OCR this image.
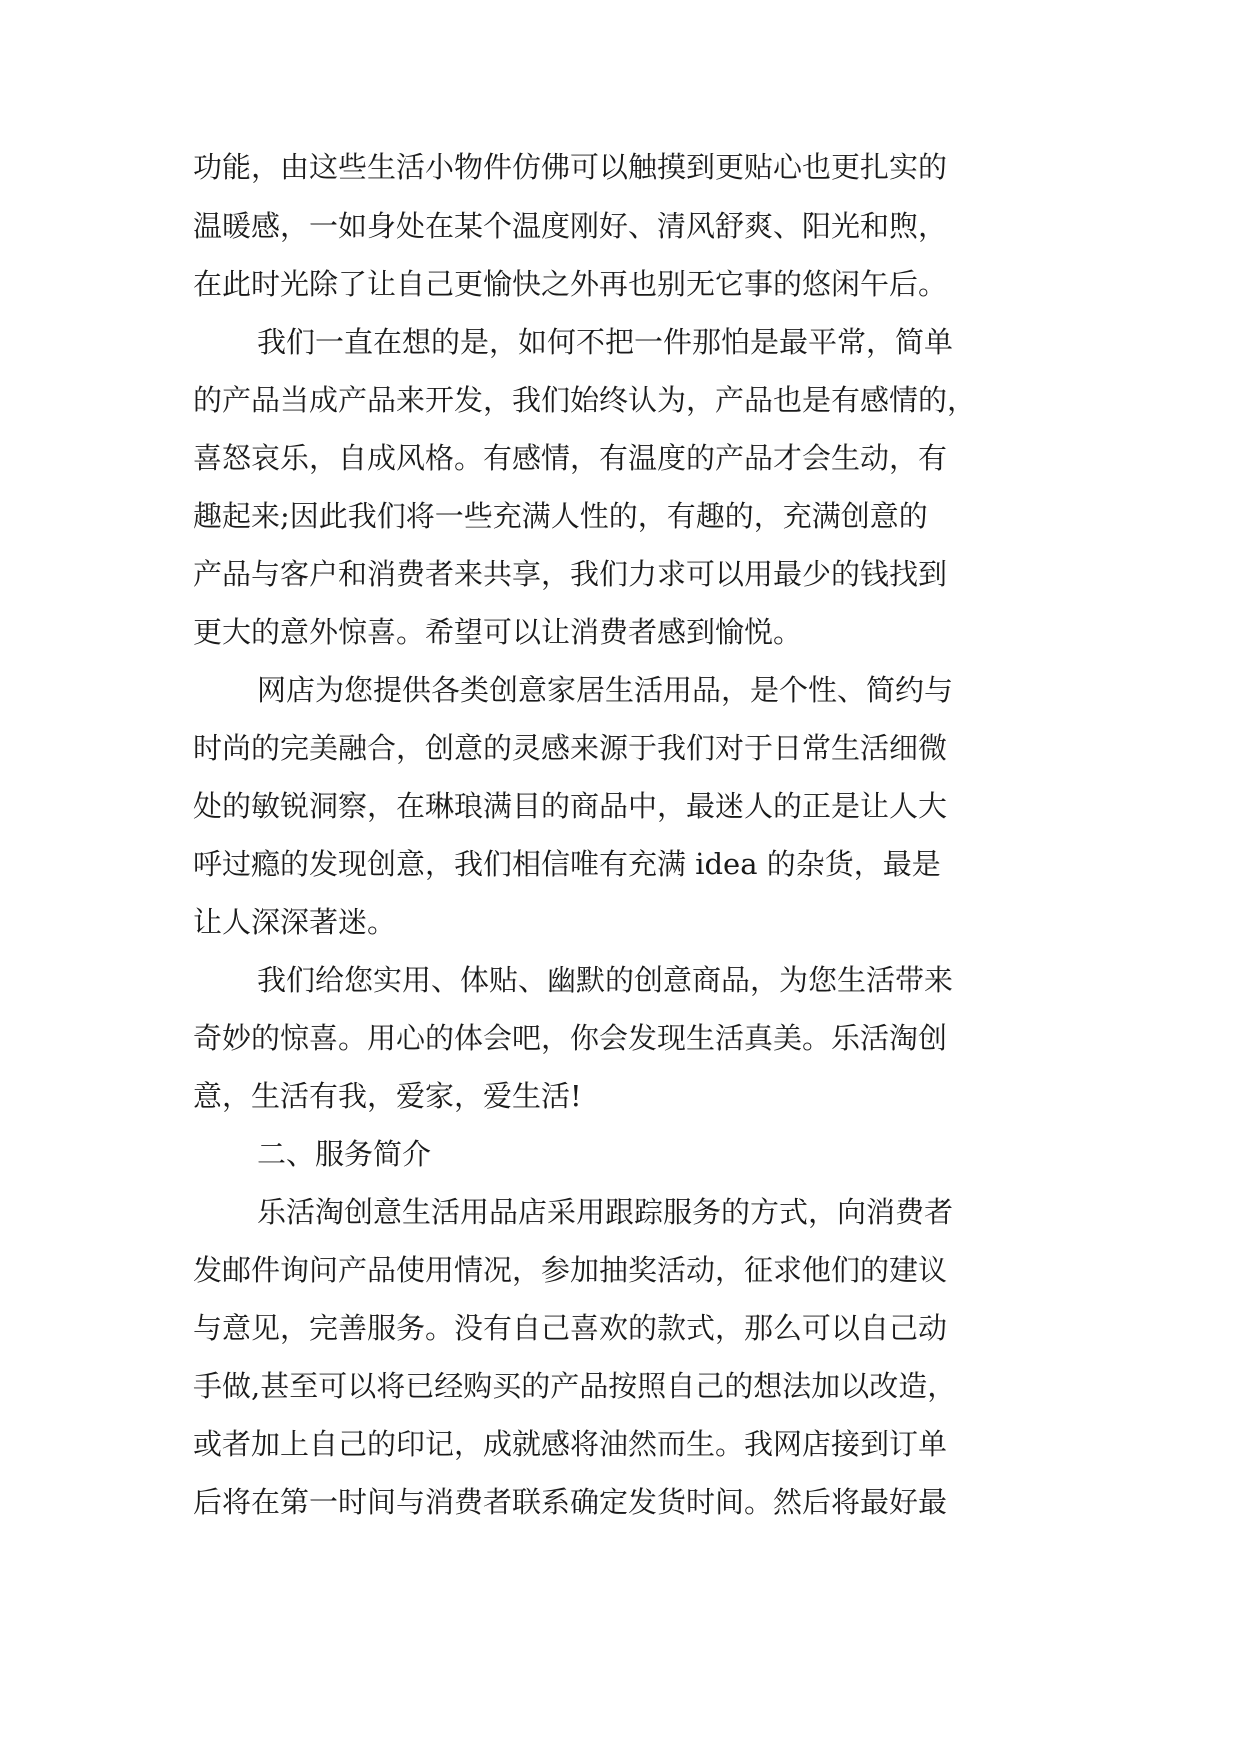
功能，由这些生活小物件仿佛可以触摸到更贴心也更扎实的
温暖感，一如身处在某个温度刚好、清风舒爽、阳光和煦，
在此时光除了让自己更愉快之外再也别无它事的悠闲午后。
我们一直在想的是，如何不把一件那怕是最平常，简单
的产品当成产品来开发，我们始终认为，产品也是有感情的，
喜怒哀乐，自成风格。有感情，有温度的产品才会生动，有
趣起来;因此我们将一些充满人性的，有趣的，充满创意的
产品与客户和消费者来共享，我们力求可以用最少的钱找到
更大的意外惊喜。希望可以让消费者感到愉悦。
网店为您提供各类创意家居生活用品，是个性、简约与
时尚的完美融合，创意的灵感来源于我们对于日常生活细微
处的敏锐洞察，在琳琅满目的商品中，最迷人的正是让人大
呼过瘾的发现创意，我们相信唯有充满 idea 的杂货，最是
让人深深著迷。
我们给您实用、体贴、幽默的创意商品，为您生活带来
奇妙的惊喜。用心的体会吧，你会发现生活真美。乐活淘创
意，生活有我，爱家，爱生活!
二、服务简介
乐活淘创意生活用品店采用跟踪服务的方式，向消费者
发邮件询问产品使用情况，参加抽奖活动，征求他们的建议
与意见，完善服务。没有自己喜欢的款式，那么可以自己动
手做,甚至可以将已经购买的产品按照自己的想法加以改造，
或者加上自己的印记，成就感将油然而生。我网店接到订单
后将在第一时间与消费者联系确定发货时间。然后将最好最
